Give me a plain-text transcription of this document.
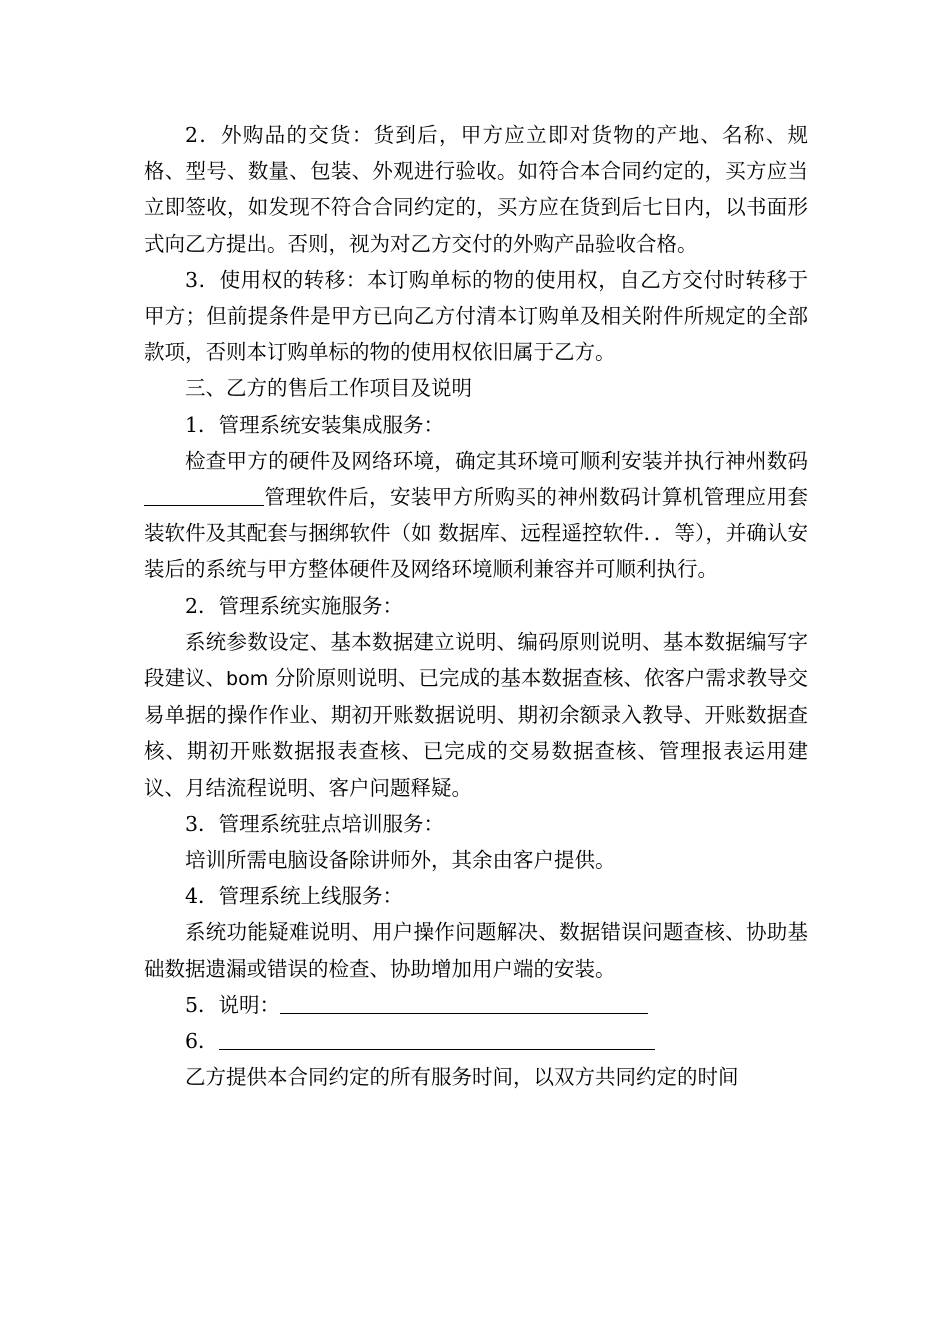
2．外购品的交货：货到后，甲方应立即对货物的产地、名称、规格、型号、数量、包装、外观进行验收。如符合本合同约定的，买方应当立即签收，如发现不符合合同约定的，买方应在货到后七日内，以书面形式向乙方提出。否则，视为对乙方交付的外购产品验收合格。

3．使用权的转移：本订购单标的物的使用权，自乙方交付时转移于甲方；但前提条件是甲方已向乙方付清本订购单及相关附件所规定的全部款项，否则本订购单标的物的使用权依旧属于乙方。

三、乙方的售后工作项目及说明

1．管理系统安装集成服务：

检查甲方的硬件及网络环境，确定其环境可顺利安装并执行神州数码管理软件后，安装甲方所购买的神州数码计算机管理应用套装软件及其配套与捆绑软件（如 数据库、远程遥控软件．．等），并确认安装后的系统与甲方整体硬件及网络环境顺利兼容并可顺利执行。

2．管理系统实施服务：

系统参数设定、基本数据建立说明、编码原则说明、基本数据编写字段建议、bom 分阶原则说明、已完成的基本数据查核、依客户需求教导交易单据的操作作业、期初开账数据说明、期初余额录入教导、开账数据查核、期初开账数据报表查核、已完成的交易数据查核、管理报表运用建议、月结流程说明、客户问题释疑。

3．管理系统驻点培训服务：

培训所需电脑设备除讲师外，其余由客户提供。

4．管理系统上线服务：

系统功能疑难说明、用户操作问题解决、数据错误问题查核、协助基础数据遗漏或错误的检查、协助增加用户端的安装。

5．说明：

6．

乙方提供本合同约定的所有服务时间，以双方共同约定的时间
